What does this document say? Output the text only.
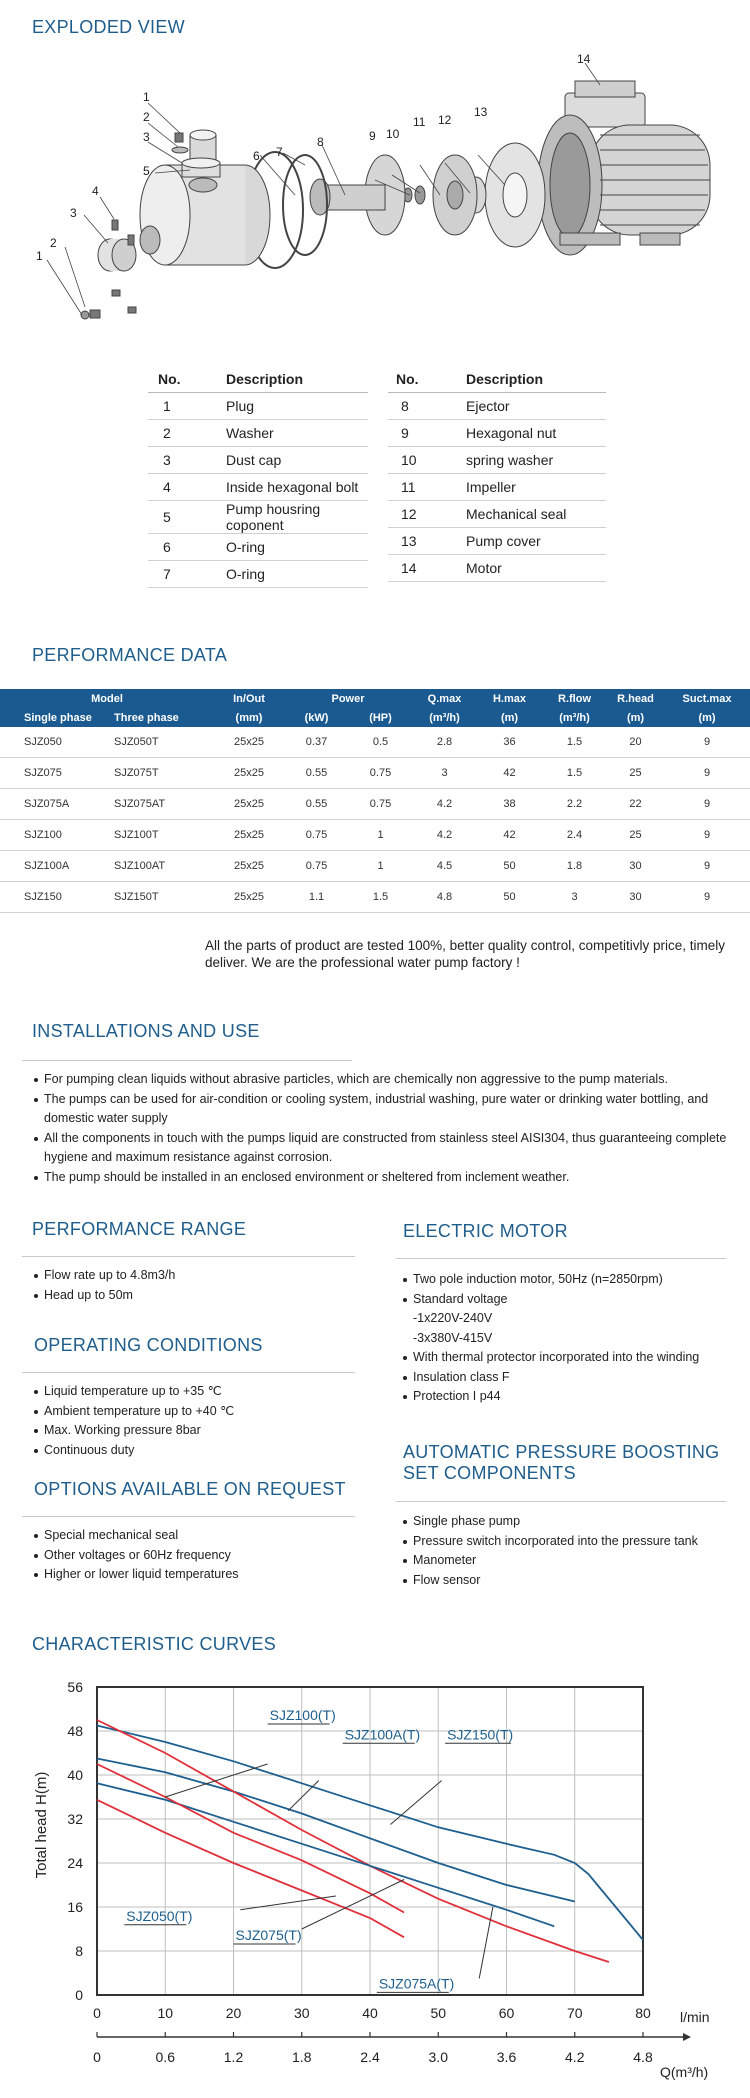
EXPLODED VIEW
1
2
3
5
4
3
2
1
6 7
8	9 10
11 12
13
14
No.	Description
1	Plug
2	Washer
3	Dust cap
4	Inside hexagonal bolt
5	Pump housring coponent
6	O-ring
7	O-ring
No.	Description
8	Ejector
9	Hexagonal nut
10	spring washer
11	Impeller
12	Mechanical seal
13	Pump cover
14	Motor
PERFORMANCE DATA
Model		In/Out	Power		Q.max	H.max	R.flow	R.head	Suct.max
Single phase	Three phase	(mm)	(kW)	(HP)	(m³/h)	(m)	(m³/h)	(m)	(m)
SJZ050	SJZ050T	25x25	0.37	0.5	2.8	36	1.5	20	9
SJZ075	SJZ075T	25x25	0.55	0.75	3	42	1.5	25	9
SJZ075A	SJZ075AT	25x25	0.55	0.75	4.2	38	2.2	22	9
SJZ100	SJZ100T	25x25	0.75	1	4.2	42	2.4	25	9
SJZ100A	SJZ100AT	25x25	0.75	1	4.5	50	1.8	30	9
SJZ150	SJZ150T	25x25	1.1	1.5	4.8	50	3	30	9
All the parts of product are tested 100%, better quality control, competitivly price, timely deliver. We are the professional water pump factory !
INSTALLATIONS AND USE
For pumping clean liquids without abrasive particles, which are chemically non aggressive to the pump materials.
The pumps can be used for air-condition or cooling system, industrial washing, pure water or drinking water bottling, and domestic water supply
All the components in touch with the pumps liquid are constructed from stainless steel AISI304, thus guaranteeing complete hygiene and maximum resistance against corrosion.
The pump should be installed in an enclosed environment or sheltered from inclement weather.
PERFORMANCE RANGE
Flow rate up to 4.8m3/h
Head up to 50m
OPERATING CONDITIONS
Liquid temperature up to +35 ℃
Ambient temperature up to +40 ℃
Max. Working pressure 8bar
Continuous duty
OPTIONS AVAILABLE ON REQUEST
Special mechanical seal
Other voltages or 60Hz frequency
Higher or lower liquid temperatures
ELECTRIC MOTOR
Two pole induction motor, 50Hz (n=2850rpm)
Standard voltage
-1x220V-240V
-3x380V-415V
With thermal protector incorporated into the winding
Insulation class F
Protection I p44
AUTOMATIC PRESSURE BOOSTING SET COMPONENTS
Single phase pump
Pressure switch incorporated into the pressure tank
Manometer
Flow sensor
CHARACTERISTIC CURVES
Total head H(m)
l/min
Q(m³/h)
0
8
16
24
32
40
48
56
0	10	20	30	40	50	60	70	80
0	0.6	1.2	1.8	2.4	3.0	3.6	4.2	4.8
SJZ100(T)
SJZ100A(T) SJZ150(T)
SJZ050(T)
SJZ075(T)
SJZ075A(T)
